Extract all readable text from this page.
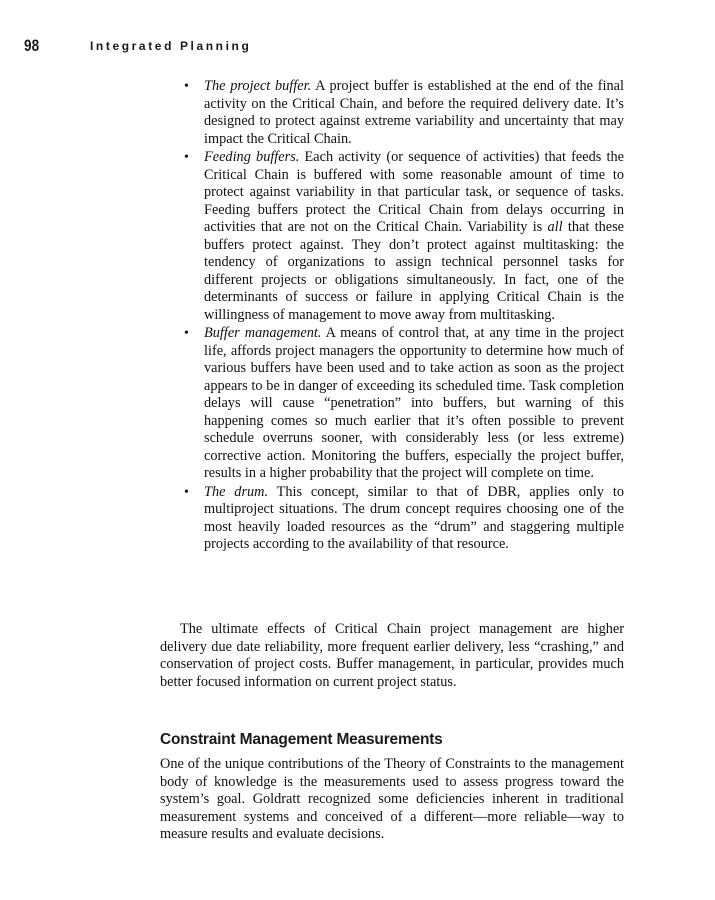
98	Integrated Planning
• The project buffer. A project buffer is established at the end of the final activity on the Critical Chain, and before the required delivery date. It’s designed to protect against extreme variability and uncertainty that may impact the Critical Chain.
• Feeding buffers. Each activity (or sequence of activities) that feeds the Critical Chain is buffered with some reasonable amount of time to protect against variability in that particular task, or sequence of tasks. Feeding buffers protect the Critical Chain from delays occurring in activities that are not on the Critical Chain. Variability is all that these buffers protect against. They don’t protect against multitasking: the tendency of organizations to assign technical personnel tasks for different projects or obligations simultaneously. In fact, one of the determinants of success or failure in applying Critical Chain is the willingness of management to move away from multitasking.
• Buffer management. A means of control that, at any time in the project life, affords project managers the opportunity to determine how much of various buffers have been used and to take action as soon as the project appears to be in danger of exceeding its scheduled time. Task completion delays will cause “penetration” into buffers, but warning of this happening comes so much earlier that it’s often possible to prevent schedule overruns sooner, with considerably less (or less extreme) corrective action. Monitoring the buffers, especially the project buffer, results in a higher probability that the project will complete on time.
• The drum. This concept, similar to that of DBR, applies only to multiproject situations. The drum concept requires choosing one of the most heavily loaded resources as the “drum” and staggering multiple projects according to the availability of that resource.

The ultimate effects of Critical Chain project management are higher delivery due date reliability, more frequent earlier delivery, less “crashing,” and conservation of project costs. Buffer management, in particular, provides much better focused information on current project status.

Constraint Management Measurements

One of the unique contributions of the Theory of Constraints to the management body of knowledge is the measurements used to assess progress toward the system’s goal. Goldratt recognized some deficiencies inherent in traditional measurement systems and conceived of a different—more reliable—way to measure results and evaluate decisions.
